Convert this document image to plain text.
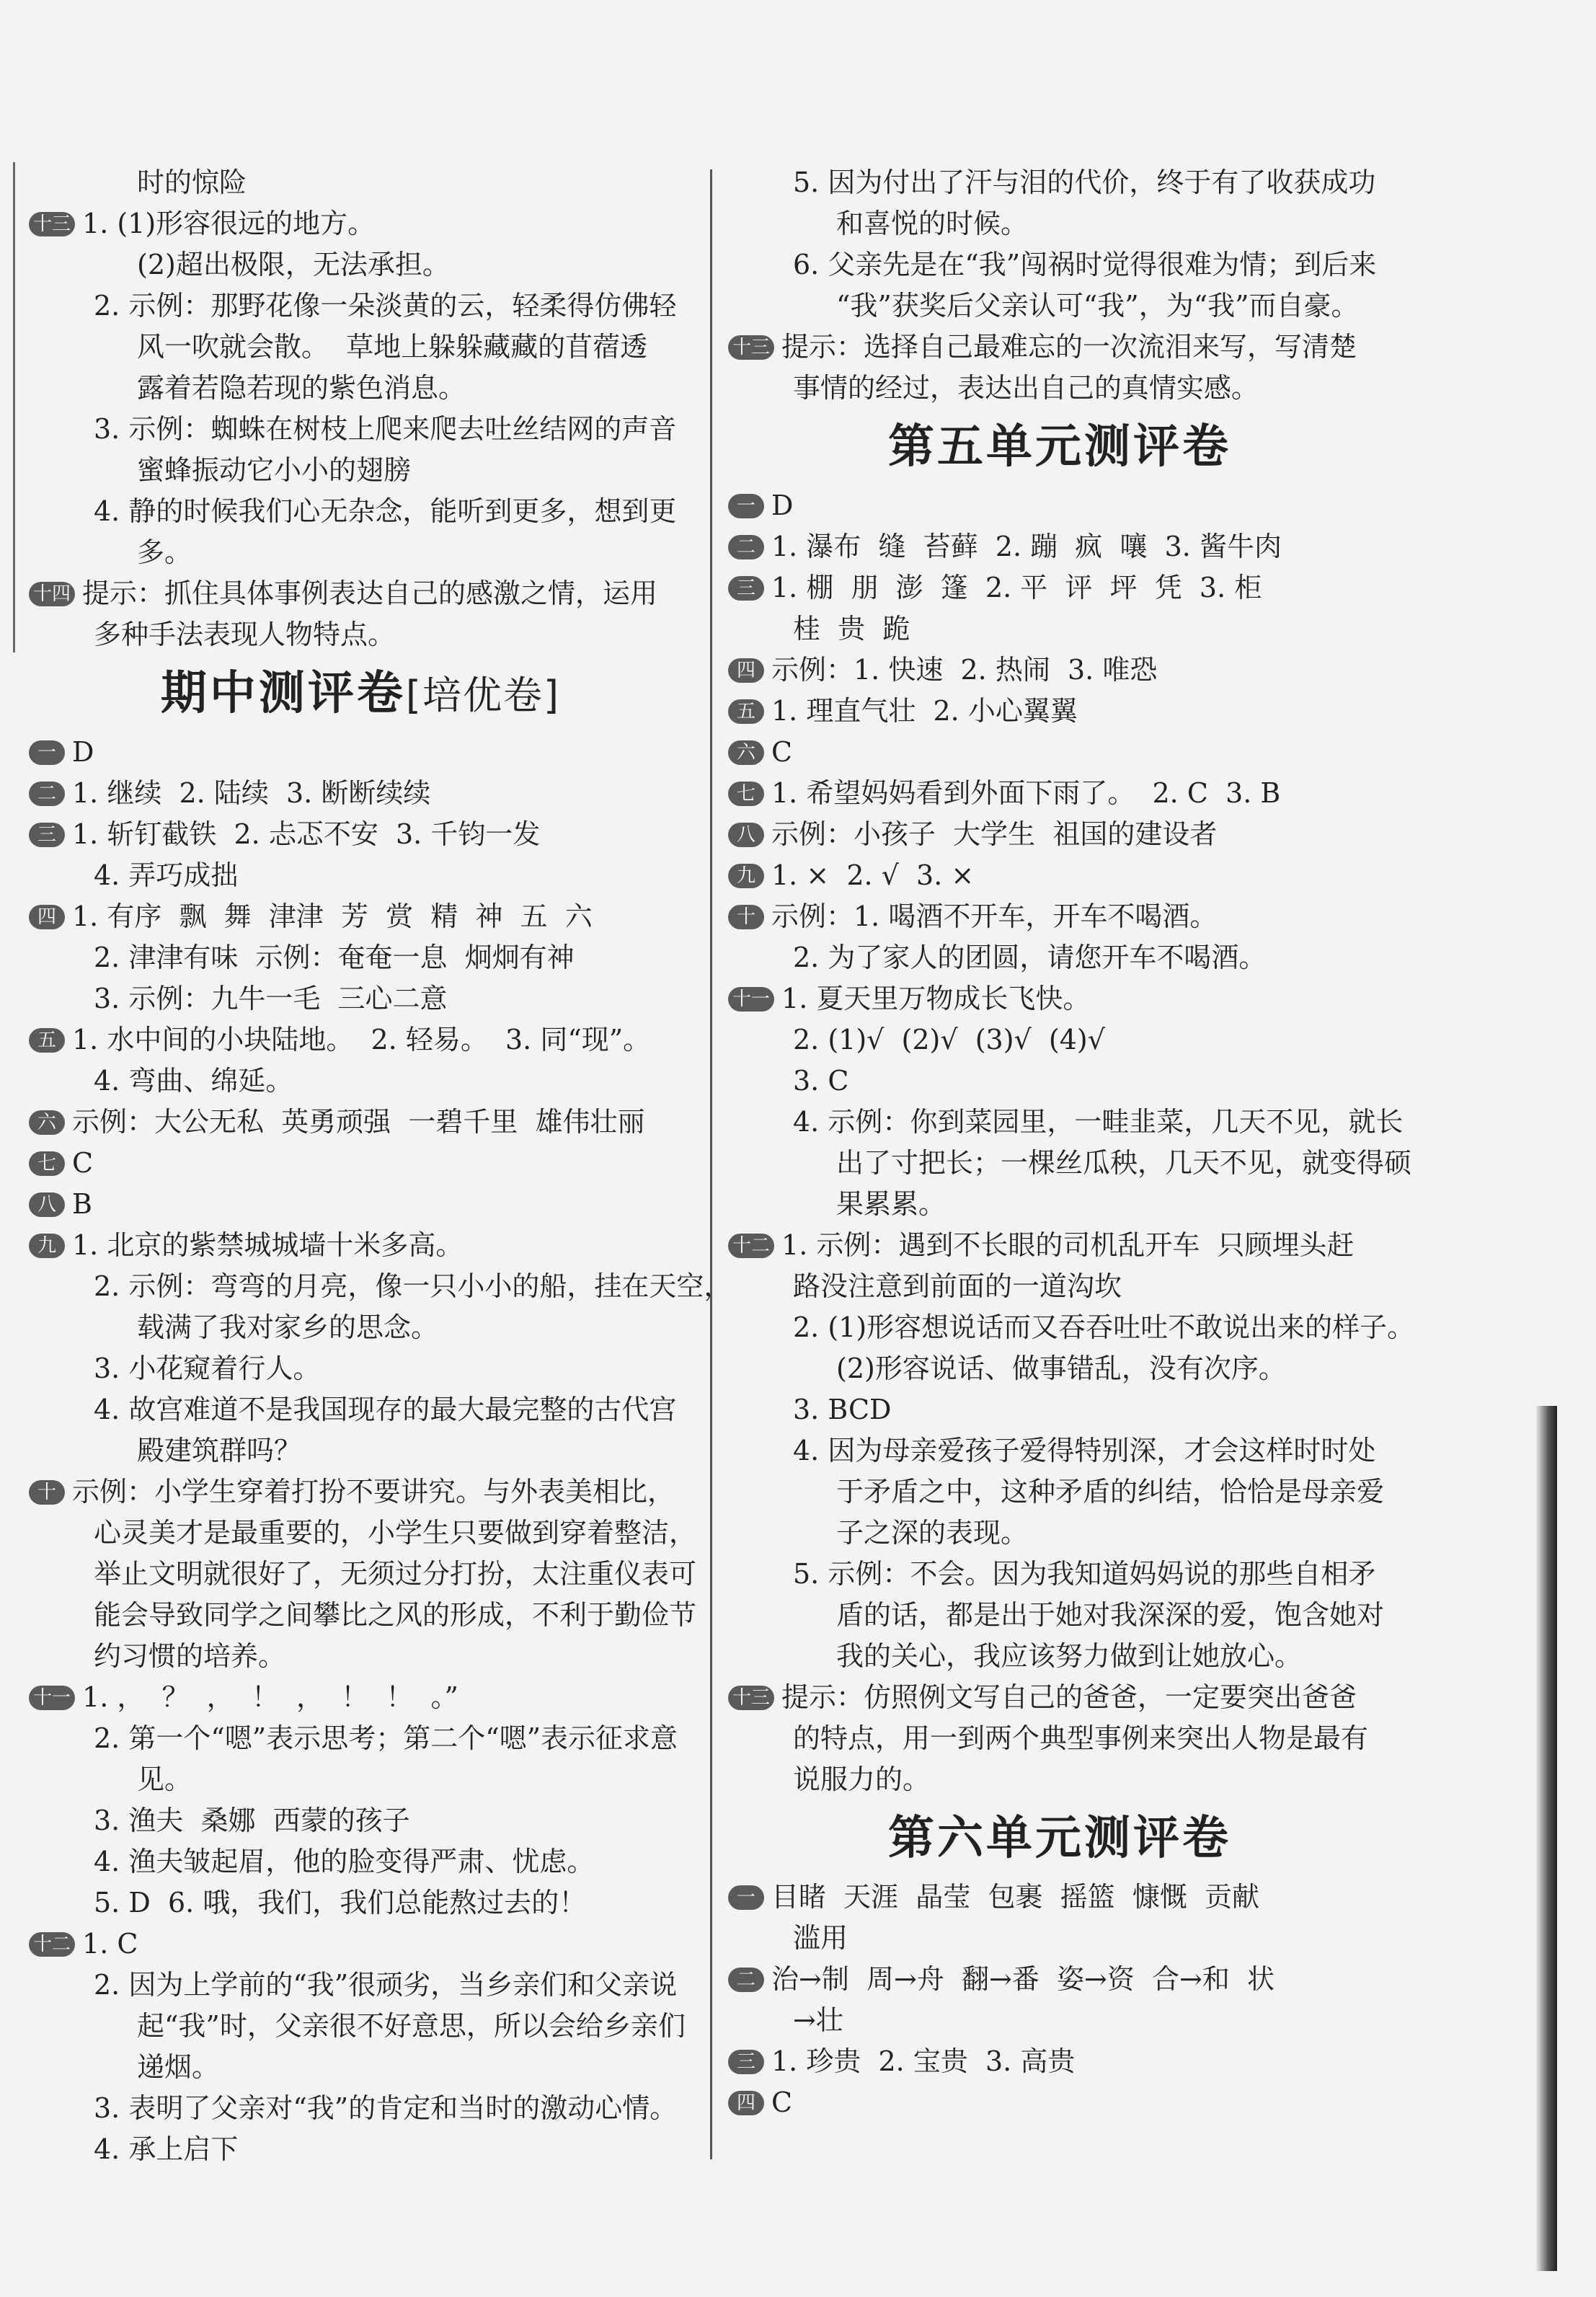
时的惊险
十三 1. (1)形容很远的地方。
(2)超出极限，无法承担。
2. 示例：那野花像一朵淡黄的云，轻柔得仿佛轻
风一吹就会散。  草地上躲躲藏藏的苜蓿透
露着若隐若现的紫色消息。
3. 示例：蜘蛛在树枝上爬来爬去吐丝结网的声音
蜜蜂振动它小小的翅膀
4. 静的时候我们心无杂念，能听到更多，想到更
多。
十四 提示：抓住具体事例表达自己的感激之情，运用
多种手法表现人物特点。
期中测评卷[培优卷]
一 D
二 1. 继续  2. 陆续  3. 断断续续
三 1. 斩钉截铁  2. 忐忑不安  3. 千钧一发
4. 弄巧成拙
四 1. 有序  飘  舞  津津  芳  赏  精  神  五  六
2. 津津有味  示例：奄奄一息  炯炯有神
3. 示例：九牛一毛  三心二意
五 1. 水中间的小块陆地。  2. 轻易。  3. 同“现”。
4. 弯曲、绵延。
六 示例：大公无私  英勇顽强  一碧千里  雄伟壮丽
七 C
八 B
九 1. 北京的紫禁城城墙十米多高。
2. 示例：弯弯的月亮，像一只小小的船，挂在天空，
载满了我对家乡的思念。
3. 小花窥着行人。
4. 故宫难道不是我国现存的最大最完整的古代宫
殿建筑群吗？
十 示例：小学生穿着打扮不要讲究。与外表美相比，
心灵美才是最重要的，小学生只要做到穿着整洁，
举止文明就很好了，无须过分打扮，太注重仪表可
能会导致同学之间攀比之风的形成，不利于勤俭节
约习惯的培养。
十一 1. ，  ？  ，  ！  ，  ！  ！  。”
2. 第一个“嗯”表示思考；第二个“嗯”表示征求意
见。
3. 渔夫  桑娜  西蒙的孩子
4. 渔夫皱起眉，他的脸变得严肃、忧虑。
5. D  6. 哦，我们，我们总能熬过去的！
十二 1. C
2. 因为上学前的“我”很顽劣，当乡亲们和父亲说
起“我”时，父亲很不好意思，所以会给乡亲们
递烟。
3. 表明了父亲对“我”的肯定和当时的激动心情。
4. 承上启下
5. 因为付出了汗与泪的代价，终于有了收获成功
和喜悦的时候。
6. 父亲先是在“我”闯祸时觉得很难为情；到后来
“我”获奖后父亲认可“我”，为“我”而自豪。
十三 提示：选择自己最难忘的一次流泪来写，写清楚
事情的经过，表达出自己的真情实感。
第五单元测评卷
一 D
二 1. 瀑布  缝  苔藓  2. 蹦  疯  嚷  3. 酱牛肉
三 1. 棚  朋  澎  篷  2. 平  评  坪  凭  3. 柜
桂  贵  跪
四 示例：1. 快速  2. 热闹  3. 唯恐
五 1. 理直气壮  2. 小心翼翼
六 C
七 1. 希望妈妈看到外面下雨了。  2. C  3. B
八 示例：小孩子  大学生  祖国的建设者
九 1. ×  2. √  3. ×
十 示例：1. 喝酒不开车，开车不喝酒。
2. 为了家人的团圆，请您开车不喝酒。
十一 1. 夏天里万物成长飞快。
2. (1)√  (2)√  (3)√  (4)√
3. C
4. 示例：你到菜园里，一畦韭菜，几天不见，就长
出了寸把长；一棵丝瓜秧，几天不见，就变得硕
果累累。
十二 1. 示例：遇到不长眼的司机乱开车  只顾埋头赶
路没注意到前面的一道沟坎
2. (1)形容想说话而又吞吞吐吐不敢说出来的样子。
(2)形容说话、做事错乱，没有次序。
3. BCD
4. 因为母亲爱孩子爱得特别深，才会这样时时处
于矛盾之中，这种矛盾的纠结，恰恰是母亲爱
子之深的表现。
5. 示例：不会。因为我知道妈妈说的那些自相矛
盾的话，都是出于她对我深深的爱，饱含她对
我的关心，我应该努力做到让她放心。
十三 提示：仿照例文写自己的爸爸，一定要突出爸爸
的特点，用一到两个典型事例来突出人物是最有
说服力的。
第六单元测评卷
一 目睹  天涯  晶莹  包裹  摇篮  慷慨  贡献
滥用
二 治→制  周→舟  翻→番  姿→资  合→和  状
→壮
三 1. 珍贵  2. 宝贵  3. 高贵
四 C
